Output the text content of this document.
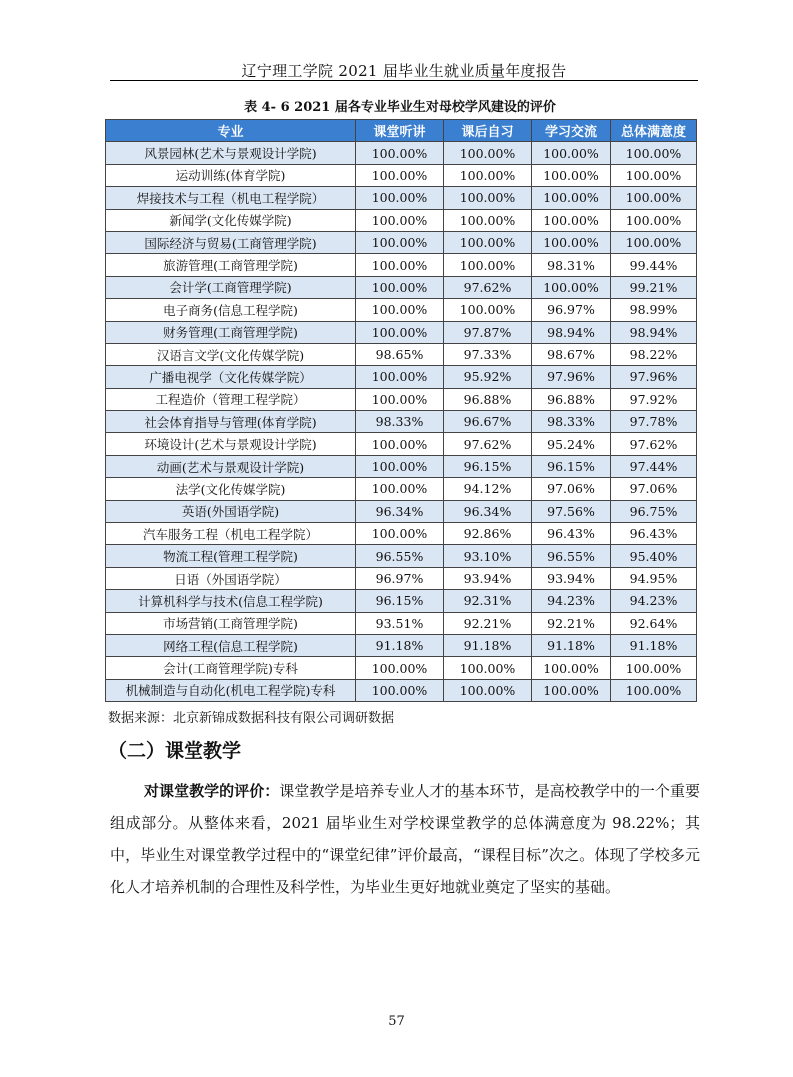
辽宁理工学院 2021 届毕业生就业质量年度报告
表 4- 6 2021 届各专业毕业生对母校学风建设的评价
专业	课堂听讲	课后自习	学习交流	总体满意度
风景园林(艺术与景观设计学院)	100.00%	100.00%	100.00%	100.00%
运动训练(体育学院)	100.00%	100.00%	100.00%	100.00%
焊接技术与工程（机电工程学院）	100.00%	100.00%	100.00%	100.00%
新闻学(文化传媒学院)	100.00%	100.00%	100.00%	100.00%
国际经济与贸易(工商管理学院)	100.00%	100.00%	100.00%	100.00%
旅游管理(工商管理学院)	100.00%	100.00%	98.31%	99.44%
会计学(工商管理学院)	100.00%	97.62%	100.00%	99.21%
电子商务(信息工程学院)	100.00%	100.00%	96.97%	98.99%
财务管理(工商管理学院)	100.00%	97.87%	98.94%	98.94%
汉语言文学(文化传媒学院)	98.65%	97.33%	98.67%	98.22%
广播电视学（文化传媒学院）	100.00%	95.92%	97.96%	97.96%
工程造价（管理工程学院）	100.00%	96.88%	96.88%	97.92%
社会体育指导与管理(体育学院)	98.33%	96.67%	98.33%	97.78%
环境设计(艺术与景观设计学院)	100.00%	97.62%	95.24%	97.62%
动画(艺术与景观设计学院)	100.00%	96.15%	96.15%	97.44%
法学(文化传媒学院)	100.00%	94.12%	97.06%	97.06%
英语(外国语学院)	96.34%	96.34%	97.56%	96.75%
汽车服务工程（机电工程学院）	100.00%	92.86%	96.43%	96.43%
物流工程(管理工程学院)	96.55%	93.10%	96.55%	95.40%
日语（外国语学院）	96.97%	93.94%	93.94%	94.95%
计算机科学与技术(信息工程学院)	96.15%	92.31%	94.23%	94.23%
市场营销(工商管理学院)	93.51%	92.21%	92.21%	92.64%
网络工程(信息工程学院)	91.18%	91.18%	91.18%	91.18%
会计(工商管理学院)专科	100.00%	100.00%	100.00%	100.00%
机械制造与自动化(机电工程学院)专科	100.00%	100.00%	100.00%	100.00%
数据来源：北京新锦成数据科技有限公司调研数据
（二）课堂教学
对课堂教学的评价：课堂教学是培养专业人才的基本环节，是高校教学中的一个重要组成部分。从整体来看，2021 届毕业生对学校课堂教学的总体满意度为 98.22%；其中，毕业生对课堂教学过程中的“课堂纪律”评价最高，“课程目标”次之。体现了学校多元化人才培养机制的合理性及科学性，为毕业生更好地就业奠定了坚实的基础。
57
